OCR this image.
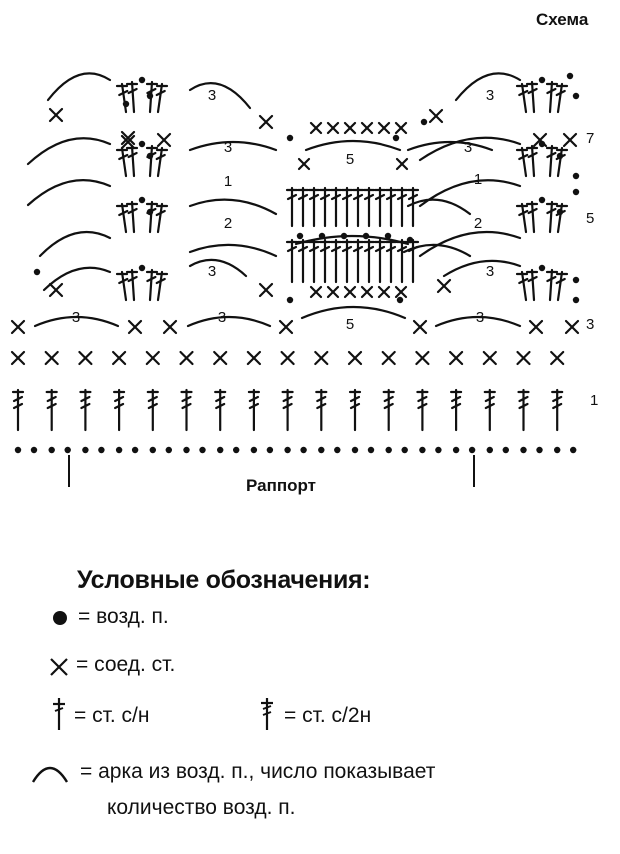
Схема
1
3
5
7
3	3	5	3
3
3
1
2
3
3
3
1
2
3
5
Раппорт
Условные обозначения:
= возд. п.
= соед. ст.
= ст. с/н	= ст. с/2н
= арка из возд. п., число показывает
количество возд. п.
